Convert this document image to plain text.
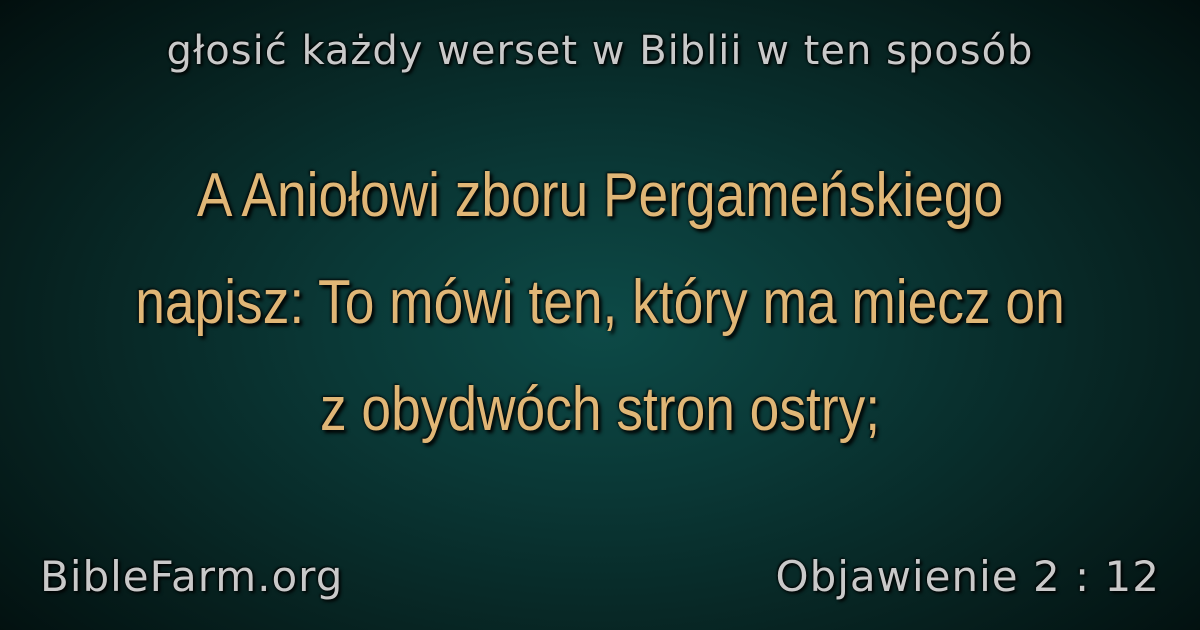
głosić każdy werset w Biblii w ten sposób
A Aniołowi zboru Pergameńskiego napisz: To mówi ten, który ma miecz on z obydwóch stron ostry;
BibleFarm.org	Objawienie 2 : 12
